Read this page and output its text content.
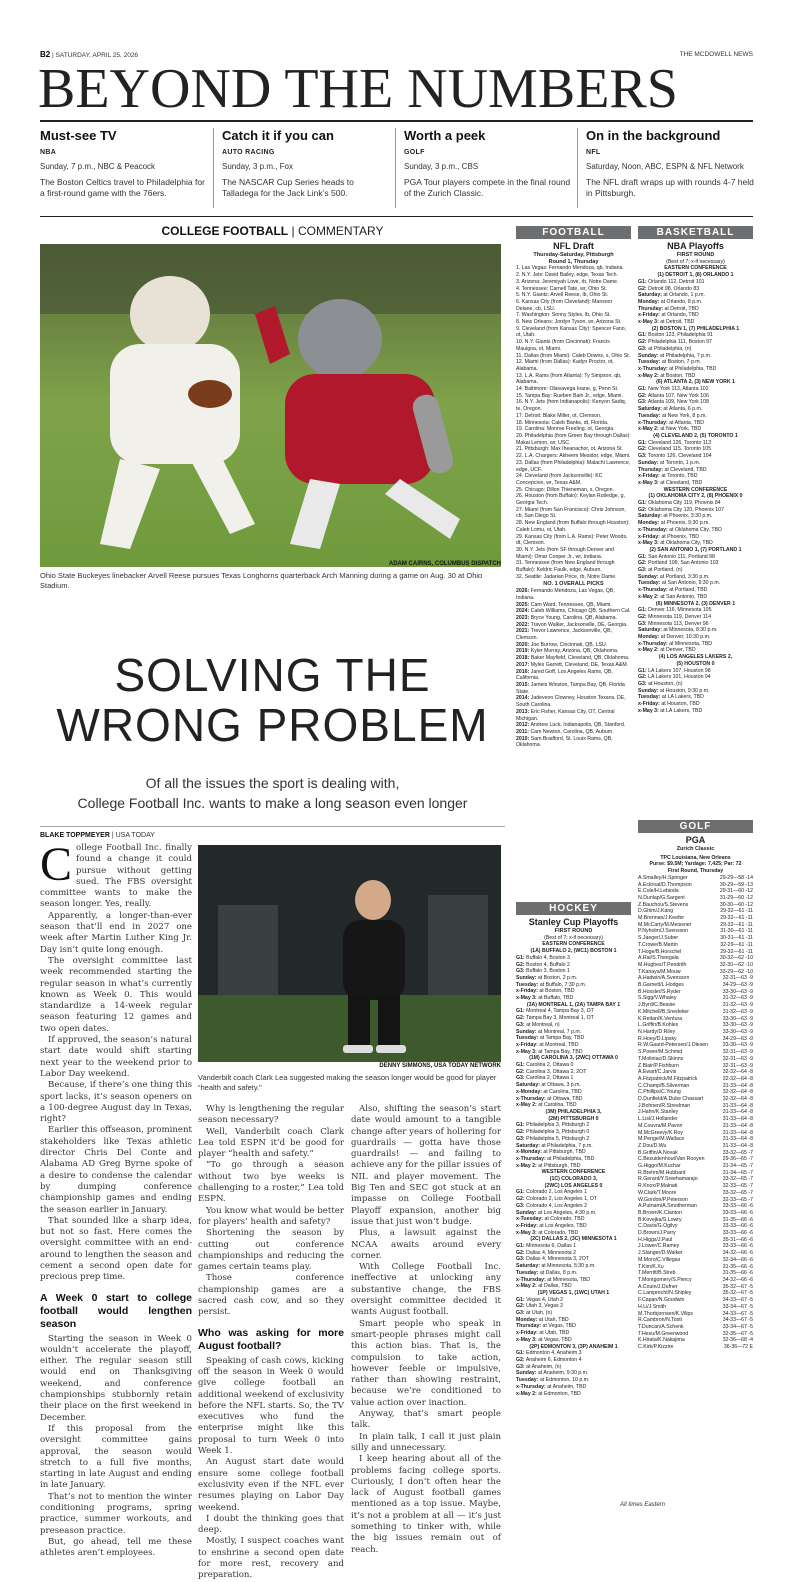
B2 | SATURDAY, APRIL 25, 2026	THE MCDOWELL NEWS
BEYOND THE NUMBERS
Must-see TV
NBA
Sunday, 7 p.m., NBC & Peacock

The Boston Celtics travel to Philadelphia for a first-round game with the 76ers.

Catch it if you can
AUTO RACING
Sunday, 3 p.m., Fox

The NASCAR Cup Series heads to Talladega for the Jack Link’s 500.

Worth a peek
GOLF
Sunday, 3 p.m., CBS

PGA Tour players compete in the final round of the Zurich Classic.

On in the background
NFL
Saturday, Noon, ABC, ESPN & NFL Network

The NFL draft wraps up with rounds 4-7 held in Pittsburgh.

COLLEGE FOOTBALL | COMMENTARY
ADAM CAIRNS, COLUMBUS DISPATCH
Ohio State Buckeyes linebacker Arvell Reese pursues Texas Longhorns quarterback Arch Manning during a game on Aug. 30 at Ohio Stadium.
SOLVING THE
WRONG PROBLEM
Of all the issues the sport is dealing with,
College Football Inc. wants to make a long season even longer
BLAKE TOPPMEYER | USA TODAY

College Football Inc. finally found a change it could pursue without getting sued. The FBS oversight committee wants to make the season longer. Yes, really.

Apparently, a longer-than-ever season that’ll end in 2027 one week after Martin Luther King Jr. Day isn’t quite long enough.

The oversight committee last week recommended starting the regular season in what’s currently known as Week 0. This would standardize a 14-week regular season featuring 12 games and two open dates.

If approved, the season’s natural start date would shift starting next year to the weekend prior to Labor Day weekend.

Because, if there’s one thing this sport lacks, it’s season openers on a 100-degree August day in Texas, right?

Earlier this offseason, prominent stakeholders like Texas athletic director Chris Del Conte and Alabama AD Greg Byrne spoke of a desire to condense the calendar by dumping conference championship games and ending the season earlier in January.

That sounded like a sharp idea, but not so fast. Here comes the oversight committee with an end-around to lengthen the season and cement a second open date for precious prep time.

A Week 0 start to college football would lengthen season

Starting the season in Week 0 wouldn’t accelerate the playoff, either. The regular season still would end on Thanksgiving weekend, and conference championships stubbornly retain their place on the first weekend in December.

If this proposal from the oversight committee gains approval, the season would stretch to a full five months, starting in late August and ending in late January.

That’s not to mention the winter conditioning programs, spring practice, summer workouts, and preseason practice.

But, go ahead, tell me these athletes aren’t employees.

DENNY SIMMONS, USA TODAY NETWORK
Vanderbilt coach Clark Lea suggested making the season longer would be good for player “health and safety.”

Why is lengthening the regular season necessary?

Well, Vanderbilt coach Clark Lea told ESPN it’d be good for player “health and safety.”

“To go through a season without two bye weeks is challenging to a roster,” Lea told ESPN.

You know what would be better for players’ health and safety?

Shortening the season by cutting out conference championships and reducing the games certain teams play.

Those conference championship games are a sacred cash cow, and so they persist.

Who was asking for more August football?

Speaking of cash cows, kicking off the season in Week 0 would give college football an additional weekend of exclusivity before the NFL starts. So, the TV executives who fund the enterprise might like this proposal to turn Week 0 into Week 1.

An August start date would ensure some college football exclusivity even if the NFL ever resumes playing on Labor Day weekend.

I doubt the thinking goes that deep.

Mostly, I suspect coaches want to enshrine a second open date for more rest, recovery and preparation.

Also, shifting the season’s start date would amount to a tangible change after years of hollering for guardrails — gotta have those guardrails! — and failing to achieve any for the pillar issues of NIL and player movement. The Big Ten and SEC got stuck at an impasse on College Football Playoff expansion, another big issue that just won’t budge.

Plus, a lawsuit against the NCAA awaits around every corner.

With College Football Inc. ineffective at unlocking any substantive change, the FBS oversight committee decided it wants August football.

Smart people who speak in smart-people phrases might call this action bias. That is, the compulsion to take action, however feeble or impulsive, rather than showing restraint, because we’re conditioned to value action over inaction.

Anyway, that’s smart people talk.

In plain talk, I call it just plain silly and unnecessary.

I keep hearing about all of the problems facing college sports. Curiously, I don’t often hear the lack of August football games mentioned as a top issue. Maybe, it’s not a problem at all — it’s just something to tinker with, while the big issues remain out of reach.

FOOTBALL
NFL Draft
Thursday-Saturday, Pittsburgh
Round 1, Thursday
1. Las Vegas: Fernando Mendoza, qb, Indiana.
2. N.Y. Jets: David Bailey, edge, Texas Tech.
3. Arizona: Jeremiyah Love, rb, Notre Dame.
4. Tennessee: Carnell Tate, wr, Ohio St.
5. N.Y. Giants: Arvell Reese, lb, Ohio St.
6. Kansas City (from Cleveland): Mansoor Delane, cb, LSU.
7. Washington: Sonny Styles, lb, Ohio St.
8. New Orleans: Jordyn Tyson, wr, Arizona St.
9. Cleveland (from Kansas City): Spencer Fano, ot, Utah.
10. N.Y. Giants (from Cincinnati): Francis Mauigoa, ot, Miami.
11. Dallas (from Miami): Caleb Downs, s, Ohio St.
12. Miami (from Dallas): Kadyn Proctor, ot, Alabama.
13. L.A. Rams (from Atlanta): Ty Simpson, qb, Alabama.
14. Baltimore: Olaivavega Ioane, g, Penn St.
15. Tampa Bay: Rueben Bain Jr., edge, Miami.
16. N.Y. Jets (from Indianapolis): Kenyon Sadiq, te, Oregon.
17. Detroit: Blake Miller, ot, Clemson.
18. Minnesota: Caleb Banks, dt, Florida.
19. Carolina: Monroe Freeling, ot, Georgia.
20. Philadelphia (from Green Bay through Dallas): Makai Lemon, wr, USC.
21. Pittsburgh: Max Iheanachor, ot, Arizona St.
22. L.A. Chargers: Akheem Mesidor, edge, Miami.
23. Dallas (from Philadelphia): Malachi Lawrence, edge, UCF.
24. Cleveland (from Jacksonville): KC Concepcion, wr, Texas A&M.
25. Chicago: Dillon Thieneman, s, Oregon.
26. Houston (from Buffalo): Keylan Rutledge, g, Georgia Tech.
27. Miami (from San Francisco): Chris Johnson, cb, San Diego St.
28. New England (from Buffalo through Houston): Caleb Lomu, ot, Utah.
29. Kansas City (from L.A. Rams): Peter Woods, dt, Clemson.
30. N.Y. Jets (from SF through Denver and Miami): Omar Cooper Jr., wr, Indiana.
31. Tennessee (from New England through Buffalo): Keldric Faulk, edge, Auburn.
32. Seattle: Jadarian Price, rb, Notre Dame.
NO. 1 OVERALL PICKS
2026: Fernando Mendoza, Las Vegas, QB, Indiana.
2025: Cam Ward, Tennessee, QB, Miami.
2024: Caleb Williams, Chicago QB, Southern Cal.
2023: Bryce Young, Carolina, QB, Alabama.
2022: Travon Walker, Jacksonville, DE, Georgia.
2021: Trevor Lawrence, Jacksonville, QB, Clemson.
2020: Joe Burrow, Cincinnati, QB, LSU.
2019: Kyler Murray, Arizona, QB, Oklahoma.
2018: Baker Mayfield, Cleveland, QB, Oklahoma.
2017: Myles Garrett, Cleveland, DE, Texas A&M.
2016: Jared Goff, Los Angeles Rams, QB, California.
2015: Jameis Winston, Tampa Bay, QB, Florida State.
2014: Jadeveon Clowney, Houston Texans, DE, South Carolina.
2013: Eric Fisher, Kansas City, OT, Central Michigan.
2012: Andrew Luck, Indianapolis, QB, Stanford.
2011: Cam Newton, Carolina, QB, Auburn.
2010: Sam Bradford, St. Louis Rams, QB, Oklahoma.
HOCKEY
Stanley Cup Playoffs
FIRST ROUND
(Best of 7; x-if necessary)
EASTERN CONFERENCE
(1A) BUFFALO 2, (WC1) BOSTON 1
G1: Buffalo 4, Boston 3
G2: Boston 4, Buffalo 2
G3: Buffalo 3, Boston 1
Sunday: at Boston, 2 p.m.
Tuesday: at Buffalo, 7:30 p.m.
x-Friday: at Boston, TBD
x-May 3: at Buffalo, TBD
(3A) MONTREAL 1, (2A) TAMPA BAY 1
G1: Montreal 4, Tampa Bay 3, OT
G2: Tampa Bay 3, Montreal 1, OT
G3: at Montreal, n)
Sunday: at Montreal, 7 p.m.
Tuesday: at Tampa Bay, TBD
x-Friday: at Montreal, TBD
x-May 3: at Tampa Bay, TBD
(1M) CAROLINA 3, (2WC) OTTAWA 0
G1: Carolina 2, Ottawa 0
G2: Carolina 3, Ottawa 2, 2OT
G3: Carolina 2, Ottawa 1
Saturday: at Ottawa, 3 p.m.
x-Monday: at Carolina, TBD
x-Thursday: at Ottawa, TBD
x-May 2: at Carolina, TBD
(3M) PHILADELPHIA 3,
(2M) PITTSBURGH 0
G1: Philadelphia 3, Pittsburgh 2
G2: Philadelphia 3, Pittsburgh 0
G3: Philadelphia 5, Pittsburgh 2
Saturday: at Philadelphia, 7 p.m.
x-Monday: at Pittsburgh, TBD
x-Thursday: at Philadelphia, TBD
x-May 2: at Pittsburgh, TBD
WESTERN CONFERENCE
(1C) COLORADO 3,
(2WC) LOS ANGELES 0
G1: Colorado 2, Los Angeles 1
G2: Colorado 2, Los Angeles 1, OT
G3: Colorado 4, Los Angeles 2
Sunday: at Los Angeles, 4:30 p.m.
x-Tuesday: at Colorado, TBD
x-Friday: at Los Angeles, TBD
x-May 3: at Colorado, TBD
(2C) DALLAS 2, (3C) MINNESOTA 1
G1: Minnesota 6, Dallas 1
G2: Dallas 4, Minnesota 2
G3: Dallas 4, Minnesota 3, 2OT
Saturday: at Minnesota, 5:30 p.m.
Tuesday: at Dallas, 8 p.m.
x-Thursday: at Minnesota, TBD
x-May 2: at Dallas, TBD
(1P) VEGAS 1, (1WC) UTAH 1
G1: Vegas 4, Utah 2
G2: Utah 3, Vegas 2
G3: at Utah, (n)
Monday: at Utah, TBD
Thursday: at Vegas, TBD
x-Friday: at Utah, TBD
x-May 3: at Vegas, TBD
(2P) EDMONTON 3, (3P) ANAHEIM 1
G1: Edmonton 4, Anaheim 3
G2: Anaheim 6, Edmonton 4
G3: at Anaheim, (n)
Sunday: at Anaheim, 9:30 p.m.
Tuesday: at Edmonton, 10 p.m.
x-Thursday: at Anaheim, TBD
x-May 2: at Edmonton, TBD
BASKETBALL
NBA Playoffs
FIRST ROUND
(Best of 7; x-if necessary)
EASTERN CONFERENCE
(1) DETROIT 1, (8) ORLANDO 1
G1: Orlando 112, Detroit 101
G2: Detroit 98, Orlando 83
Saturday: at Orlando, 1 p.m.
Monday: at Orlando, 8 p.m.
Thursday: at Detroit, TBD
x-Friday: at Orlando, TBD
x-May 3: at Detroit, TBD
(2) BOSTON 1, (7) PHILADELPHIA 1
G1: Boston 123, Philadelphia 91
G2: Philadelphia 111, Boston 97
G3: at Philadelphia, (n)
Sunday: at Philadelphia, 7 p.m.
Tuesday: at Boston, 7 p.m.
x-Thursday: at Philadelphia, TBD
x-May 2: at Boston, TBD
(6) ATLANTA 2, (3) NEW YORK 1
G1: New York 113, Atlanta 102
G2: Atlanta 107, New York 106
G3: Atlanta 109, New York 108
Saturday: at Atlanta, 6 p.m.
Tuesday: at New York, 8 p.m.
x-Thursday: at Atlanta, TBD
x-May 2: at New York, TBD
(4) CLEVELAND 2, (5) TORONTO 1
G1: Cleveland 126, Toronto 113
G2: Cleveland 115, Toronto 105
G3: Toronto 126, Cleveland 104
Sunday: at Toronto, 1 p.m.
Thursday: at Cleveland, TBD
x-Friday: at Toronto, TBD
x-May 3: at Cleveland, TBD
WESTERN CONFERENCE
(1) OKLAHOMA CITY 2, (8) PHOENIX 0
G1: Oklahoma City 119, Phoenix 84
G2: Oklahoma City 120, Phoenix 107
Saturday: at Phoenix, 3:30 p.m.
Monday: at Phoenix, 9:30 p.m.
x-Thursday: at Oklahoma City, TBD
x-Friday: at Phoenix, TBD
x-May 3: at Oklahoma City, TBD
(2) SAN ANTONIO 1, (7) PORTLAND 1
G1: San Antonio 111, Portland 98
G2: Portland 106, San Antonio 103
G3: at Portland, (n)
Sunday: at Portland, 3:30 p.m.
Tuesday: at San Antonio, 9:30 p.m.
x-Thursday: at Portland, TBD
x-May 2: at San Antonio, TBD
(6) MINNESOTA 2, (3) DENVER 1
G1: Denver 116, Minnesota 105
G2: Minnesota 119, Denver 114
G3: Minnesota 113, Denver 96
Saturday: at Minnesota, 8:30 p.m.
Monday: at Denver, 10:30 p.m.
x-Thursday: at Minnesota, TBD
x-May 2: at Denver, TBD
(4) LOS ANGELES LAKERS 2,
(5) HOUSTON 0
G1: LA Lakers 107, Houston 98
G2: LA Lakers 101, Houston 94
G3: at Houston, (n)
Sunday: at Houston, 9:30 p.m.
Tuesday: at LA Lakers, TBD
x-Friday: at Houston, TBD
x-May 3: at LA Lakers, TBD
GOLF
PGA
Zurich Classic
TPC Louisiana, New Orleans
Purse: $9.5M; Yardage: 7,425; Par: 72
First Round, Thursday
A.Smalley/H.Springer	29-29—58 -14
A.Eckroat/D.Thompson	30-29—59 -13
E.Cole/H.Lebioda	29-31—60 -12
N.Dunlap/G.Sargent	31-29—60 -12
Z.Bauchou/S.Stevens	30-30—60 -12
D.Ghim/J.Kang	29-32—61 -11
M.Brennan/J.Keefer	29-32—61 -11
M.McCarty/M.Meissner	29-32—61 -11
P.Nyholm/J.Svensson	31-30—61 -11
S.Jaeger/J.Suber	30-31—61 -11
T.Crowe/B.Martin	32-29—61 -11
T.Hoge/B.Horschel	29-32—61 -11
A.Rai/S.Theegala	30-32—62 -10
M.Hughes/T.Pendrith	32-30—62 -10
T.Kanaya/M.Mouw	33-29—62 -10
A.Hadwin/A.Svensson	32-31—63 -9
B.Garnett/L.Hodges	34-29—63 -9
B.Hossler/S.Ryder	33-30—63 -9
S.Sigg/V.Whaley	31-32—63 -9
J.Byrd/C.Beavie	31-32—63 -9
K.Mitchell/B.Snedeker	31-32—63 -9
K.Reitan/K.Ventura	33-30—63 -9
L.Griffin/B.Kohles	33-30—63 -9
N.Hardy/D.Riley	33-30—63 -9
R.Hoey/D.Lipsky	34-29—63 -9
R.W.Gaard-Petersen/J.Olesen	33-30—63 -9
S.Power/M.Schmid	32-31—63 -9
T.Moliniac/D.Skinns	32-31—63 -9
Z.Blair/P.Fishburn	32-31—63 -9
A.Ewart/C.Jarvis	32-32—64 -8
A.Fitzpatrick/M.Fitzpatrick	32-32—64 -8
C.Champ/B.Silverman	31-33—64 -8
C.Phillips/C.Young	32-32—64 -8
D.Dunfield/A.Dube Chassart	32-32—64 -8
J.Bohnen/R.Streelman	31-33—64 -8
J.Hahn/K.Stanley	31-33—64 -8
L.Lisl/J.Hollander	31-33—64 -8
M.Couvra/M.Pavon	31-33—64 -8
M.McGreevy/K.Roy	31-33—64 -8
M.Penge/M.Wallace	31-33—64 -8
Z.Dou/D.Wu	31-33—64 -8
B.Griffin/A.Novak	33-32—65 -7
C.Bezuidenhout/Van Rooyen	29-36—65 -7
G.Higgo/M.Kuchar	31-34—65 -7
R.Brehm/M.Hubbard	31-34—65 -7
R.Gerard/Y.Sreehamarajo	33-32—65 -7
R.Knox/P.Malnati	32-33—65 -7
W.Clark/T.Moore	33-32—65 -7
W.Gordon/P.Peterson	32-33—65 -7
A.Putnam/A.Smotherman	33-33—66 -6
B.Brown/K.Clanton	33-33—66 -6
B.Kovejka/S.Lowry	31-35—66 -6
C.Davis/G.Ogilvy	33-33—66 -6
D.Brown/J.Parry	33-33—66 -6
H.Higgs/J.Paul	35-31—66 -6
J.Lower/C.Ramey	33-33—66 -6
J.Stanger/D.Walker	34-32—66 -6
M.Moro/C.Villegas	32-34—66 -6
T.Kim/K.Xu	31-35—66 -6
T.Merritt/B.Streb	31-35—66 -6
T.Montgomery/S.Piercy	34-32—66 -6
A.Couin/J.Dufner	35-32—67 -5
C.Lamprecht/N.Shipley	35-32—67 -5
F.Capan/N.Goodwin	34-33—67 -5
H.Li/J.Smith	33-34—67 -5
M.Thorbjornsen/K.Vilips	34-33—67 -5
R.Cambron/N.Tosti	34-33—67 -5
T.Duncan/A.Schenk	33-34—67 -5
T.Hesu/M.Greenwood	32-35—67 -5
K.Hirata/K.Nakajima	32-36—68 -4
C.Kirk/P.Kizzire	36-36—72 E
All times Eastern
